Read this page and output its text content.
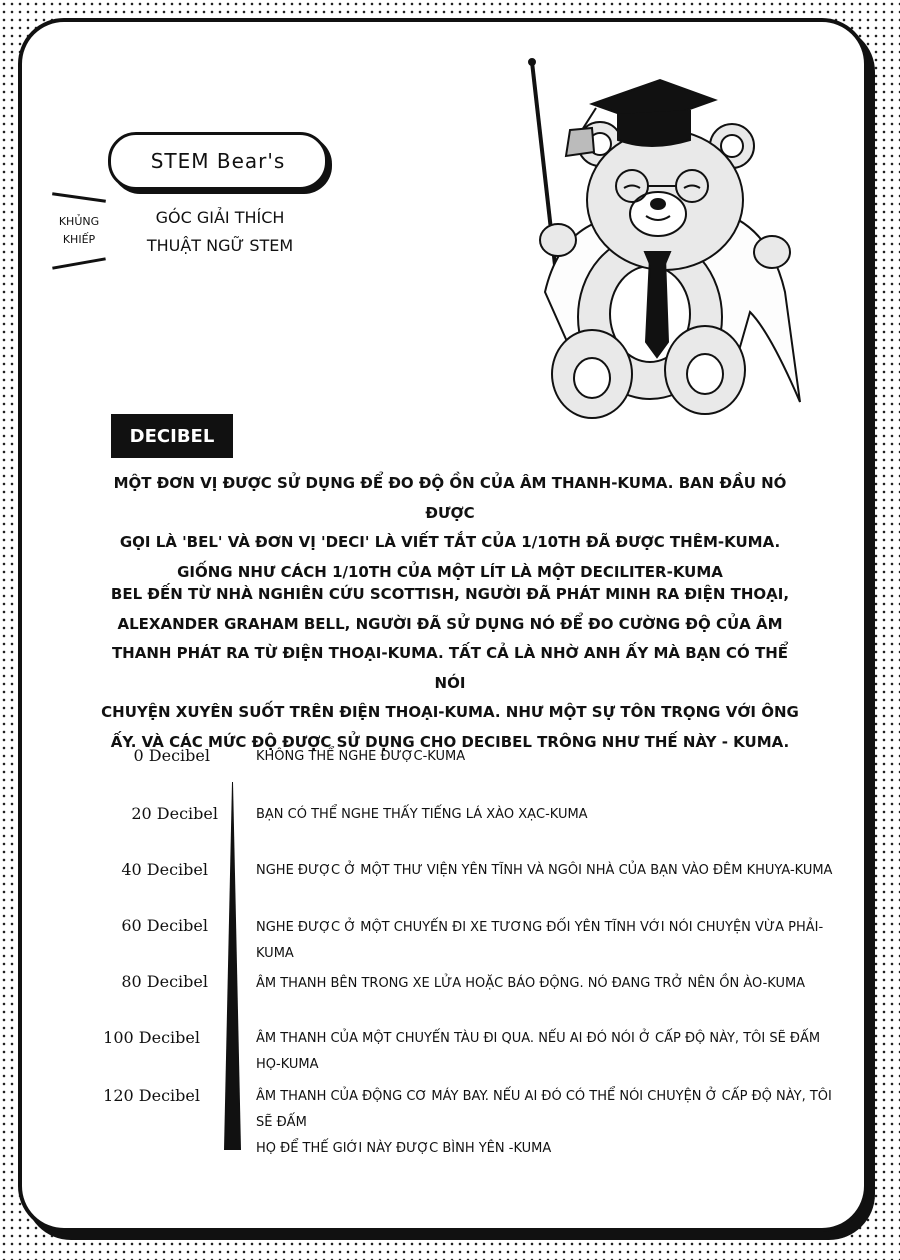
STEM Bear's
KHỦNG
KHIẾP
GÓC GIẢI THÍCH
THUẬT NGỮ STEM
DECIBEL

MỘT ĐƠN VỊ ĐƯỢC SỬ DỤNG ĐỂ ĐO ĐỘ ỒN CỦA ÂM THANH-KUMA. BAN ĐẦU NÓ ĐƯỢC
GỌI LÀ 'BEL' VÀ ĐƠN VỊ 'DECI' LÀ VIẾT TẮT CỦA 1/10TH ĐÃ ĐƯỢC THÊM-KUMA.
GIỐNG NHƯ CÁCH 1/10TH CỦA MỘT LÍT LÀ MỘT DECILITER-KUMA

BEL ĐẾN TỪ NHÀ NGHIÊN CỨU SCOTTISH, NGƯỜI ĐÃ PHÁT MINH RA ĐIỆN THOẠI,
ALEXANDER GRAHAM BELL, NGƯỜI ĐÃ SỬ DỤNG NÓ ĐỂ ĐO CƯỜNG ĐỘ CỦA ÂM
THANH PHÁT RA TỪ ĐIỆN THOẠI-KUMA. TẤT CẢ LÀ NHỜ ANH ẤY MÀ BẠN CÓ THỂ NÓI
CHUYỆN XUYÊN SUỐT TRÊN ĐIỆN THOẠI-KUMA. NHƯ MỘT SỰ TÔN TRỌNG VỚI ÔNG
ẤY. VÀ CÁC MỨC ĐỘ ĐƯỢC SỬ DỤNG CHO DECIBEL TRÔNG NHƯ THẾ NÀY - KUMA.

0 Decibel	KHÔNG THỂ NGHE ĐƯỢC-KUMA
20 Decibel	BẠN CÓ THỂ NGHE THẤY TIẾNG LÁ XÀO XẠC-KUMA
40 Decibel	NGHE ĐƯỢC Ở MỘT THƯ VIỆN YÊN TĨNH VÀ NGÔI NHÀ CỦA BẠN VÀO ĐÊM KHUYA-KUMA
60 Decibel	NGHE ĐƯỢC Ở MỘT CHUYẾN ĐI XE TƯƠNG ĐỐI YÊN TĨNH VỚI NÓI CHUYỆN VỪA PHẢI-KUMA
80 Decibel	ÂM THANH BÊN TRONG XE LỬA HOẶC BÁO ĐỘNG. NÓ ĐANG TRỞ NÊN ỒN ÀO-KUMA
100 Decibel	ÂM THANH CỦA MỘT CHUYẾN TÀU ĐI QUA. NẾU AI ĐÓ NÓI Ở CẤP ĐỘ NÀY, TÔI SẼ ĐẤM HỌ-KUMA
120 Decibel	ÂM THANH CỦA ĐỘNG CƠ MÁY BAY. NẾU AI ĐÓ CÓ THỂ NÓI CHUYỆN Ở CẤP ĐỘ NÀY, TÔI SẼ ĐẤM
HỌ ĐỂ THẾ GIỚI NÀY ĐƯỢC BÌNH YÊN -KUMA
